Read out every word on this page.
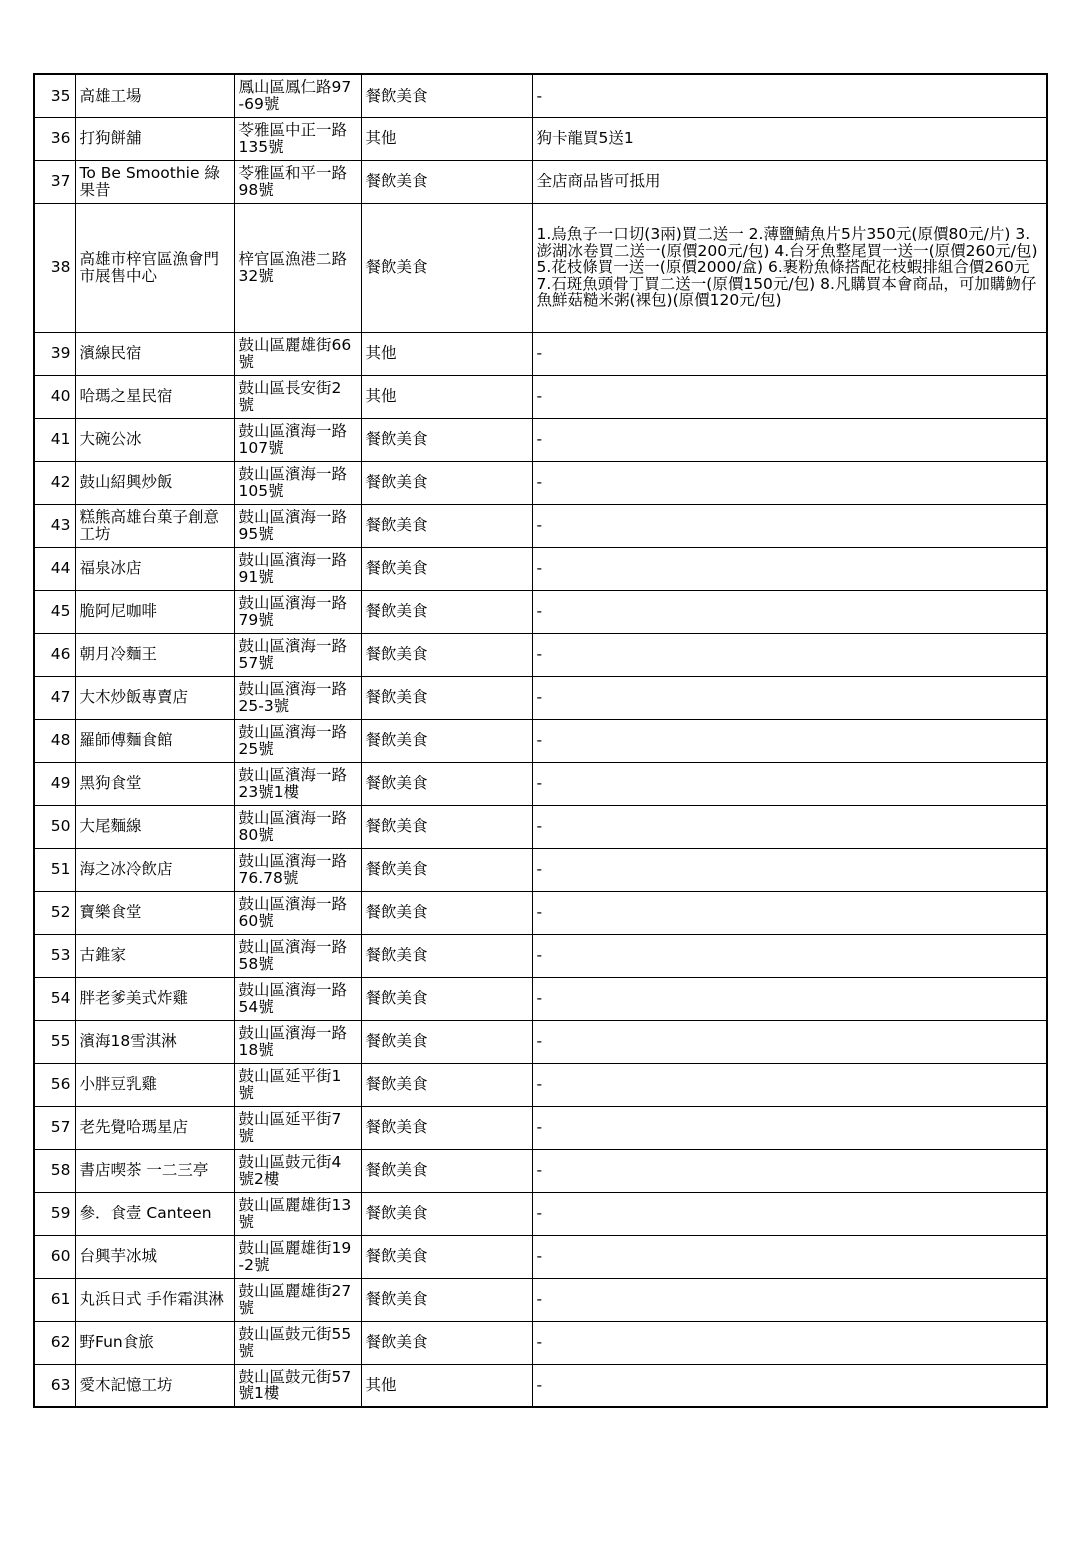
35	高雄工場	鳳山區鳳仁路97-69號	餐飲美食	-
36	打狗餅舖	苓雅區中正一路135號	其他	狗卡龍買5送1
37	To Be Smoothie 綠果昔	苓雅區和平一路98號	餐飲美食	全店商品皆可抵用
38	高雄市梓官區漁會門市展售中心	梓官區漁港二路32號	餐飲美食	1.烏魚子一口切(3兩)買二送一 2.薄鹽鯖魚片5片350元(原價80元/片) 3.澎湖冰卷買二送一(原價200元/包) 4.台牙魚整尾買一送一(原價260元/包) 5.花枝條買一送一(原價2000/盒) 6.裹粉魚條搭配花枝蝦排組合價260元 7.石斑魚頭骨丁買二送一(原價150元/包) 8.凡購買本會商品，可加購魩仔魚鮮菇糙米粥(裸包)(原價120元/包)
39	濱線民宿	鼓山區麗雄街66號	其他	-
40	哈瑪之星民宿	鼓山區長安街2號	其他	-
41	大碗公冰	鼓山區濱海一路107號	餐飲美食	-
42	鼓山紹興炒飯	鼓山區濱海一路105號	餐飲美食	-
43	糕熊高雄台菓子創意工坊	鼓山區濱海一路95號	餐飲美食	-
44	福泉冰店	鼓山區濱海一路91號	餐飲美食	-
45	脆阿尼咖啡	鼓山區濱海一路79號	餐飲美食	-
46	朝月冷麵王	鼓山區濱海一路57號	餐飲美食	-
47	大木炒飯專賣店	鼓山區濱海一路25-3號	餐飲美食	-
48	羅師傅麵食館	鼓山區濱海一路25號	餐飲美食	-
49	黑狗食堂	鼓山區濱海一路23號1樓	餐飲美食	-
50	大尾麵線	鼓山區濱海一路80號	餐飲美食	-
51	海之冰冷飲店	鼓山區濱海一路76.78號	餐飲美食	-
52	寶樂食堂	鼓山區濱海一路60號	餐飲美食	-
53	古錐家	鼓山區濱海一路58號	餐飲美食	-
54	胖老爹美式炸雞	鼓山區濱海一路54號	餐飲美食	-
55	濱海18雪淇淋	鼓山區濱海一路18號	餐飲美食	-
56	小胖豆乳雞	鼓山區延平街1號	餐飲美食	-
57	老先覺哈瑪星店	鼓山區延平街7號	餐飲美食	-
58	書店喫茶 一二三亭	鼓山區鼓元街4號2樓	餐飲美食	-
59	參．食壹 Canteen	鼓山區麗雄街13號	餐飲美食	-
60	台興芋冰城	鼓山區麗雄街19-2號	餐飲美食	-
61	丸浜日式 手作霜淇淋	鼓山區麗雄街27號	餐飲美食	-
62	野Fun食旅	鼓山區鼓元街55號	餐飲美食	-
63	愛木記憶工坊	鼓山區鼓元街57號1樓	其他	-
